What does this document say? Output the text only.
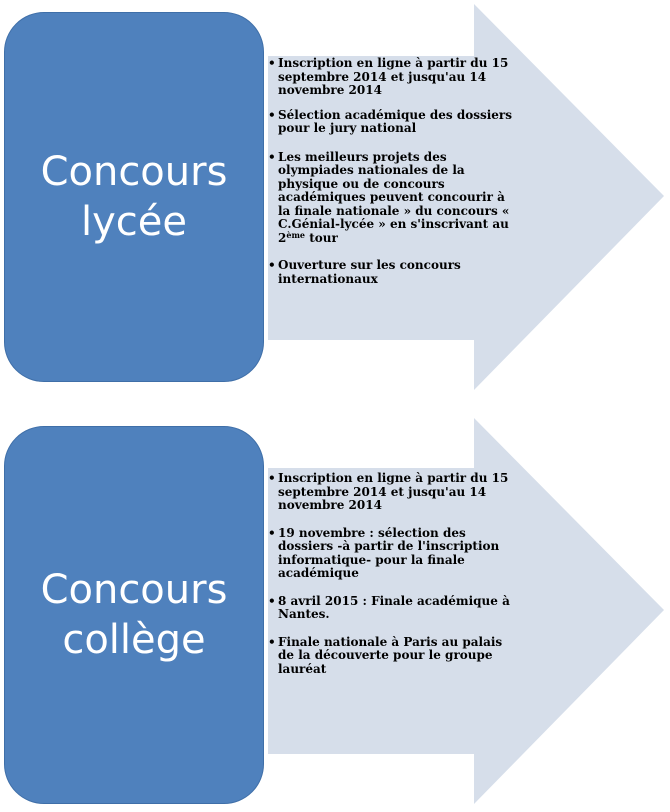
Concours
lycée
• Inscription en ligne à partir du 15 septembre 2014 et jusqu'au 14 novembre 2014
• Sélection académique des dossiers pour le jury national
• Les meilleurs projets des olympiades nationales de la physique ou de concours académiques peuvent concourir à la finale nationale » du concours « C.Génial-lycée » en s'inscrivant au 2ème tour
• Ouverture sur les concours internationaux
Concours
collège
• Inscription en ligne à partir du 15 septembre 2014 et jusqu'au 14 novembre 2014
• 19 novembre : sélection des dossiers -à partir de l'inscription informatique- pour la finale académique
• 8 avril 2015 : Finale académique à Nantes.
• Finale nationale à Paris au palais de la découverte pour le groupe lauréat
